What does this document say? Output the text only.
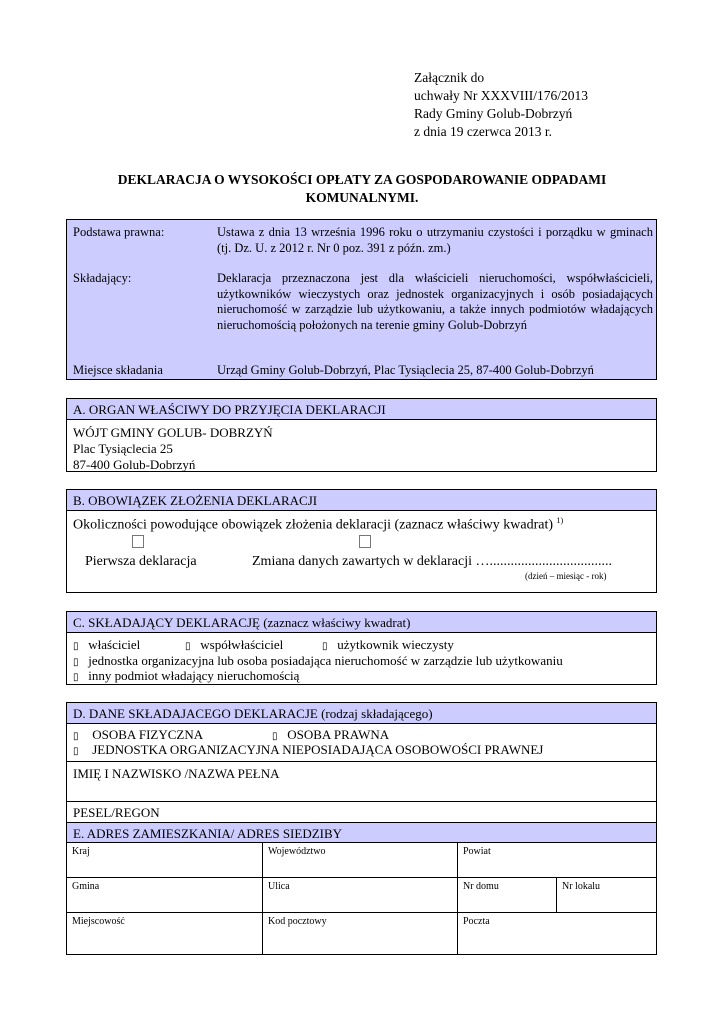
Załącznik do
uchwały Nr XXXVIII/176/2013
Rady Gminy Golub-Dobrzyń
z dnia 19 czerwca 2013 r.
DEKLARACJA O WYSOKOŚCI OPŁATY ZA GOSPODAROWANIE ODPADAMI
KOMUNALNYMI.
Podstawa prawna:	Ustawa z dnia 13 września 1996 roku o utrzymaniu czystości i porządku w gminach (tj. Dz. U. z 2012 r. Nr 0 poz. 391 z późn. zm.)
Składający:	Deklaracja przeznaczona jest dla właścicieli nieruchomości, współwłaścicieli, użytkowników wieczystych oraz jednostek organizacyjnych i osób posiadających nieruchomość w zarządzie lub użytkowaniu, a także innych podmiotów władających nieruchomością położonych na terenie gminy Golub-Dobrzyń
Miejsce składania	Urząd Gminy Golub-Dobrzyń, Plac Tysiąclecia 25, 87-400 Golub-Dobrzyń
A. ORGAN WŁAŚCIWY DO PRZYJĘCIA DEKLARACJI
WÓJT GMINY GOLUB- DOBRZYŃ
Plac Tysiąclecia 25
87-400 Golub-Dobrzyń
B. OBOWIĄZEK ZŁOŻENIA DEKLARACJI
Okoliczności powodujące obowiązek złożenia deklaracji (zaznacz właściwy kwadrat) $^{1)}$
Pierwsza deklaracja	Zmiana danych zawartych w deklaracji …...................................
(dzień – miesiąc - rok)
C. SKŁADAJĄCY DEKLARACJĘ (zaznacz właściwy kwadrat)
▯ właściciel	▯ współwłaściciel	▯ użytkownik wieczysty
▯ jednostka organizacyjna lub osoba posiadająca nieruchomość w zarządzie lub użytkowaniu
▯ inny podmiot władający nieruchomością
D. DANE SKŁADAJACEGO DEKLARACJE (rodzaj składającego)
▯ OSOBA FIZYCZNA	▯ OSOBA PRAWNA
▯ JEDNOSTKA ORGANIZACYJNA NIEPOSIADAJĄCA OSOBOWOŚCI PRAWNEJ
IMIĘ I NAZWISKO /NAZWA PEŁNA
PESEL/REGON
E. ADRES ZAMIESZKANIA/ ADRES SIEDZIBY
Kraj	Województwo	Powiat
Gmina	Ulica	Nr domu	Nr lokalu
Miejscowość	Kod pocztowy	Poczta
